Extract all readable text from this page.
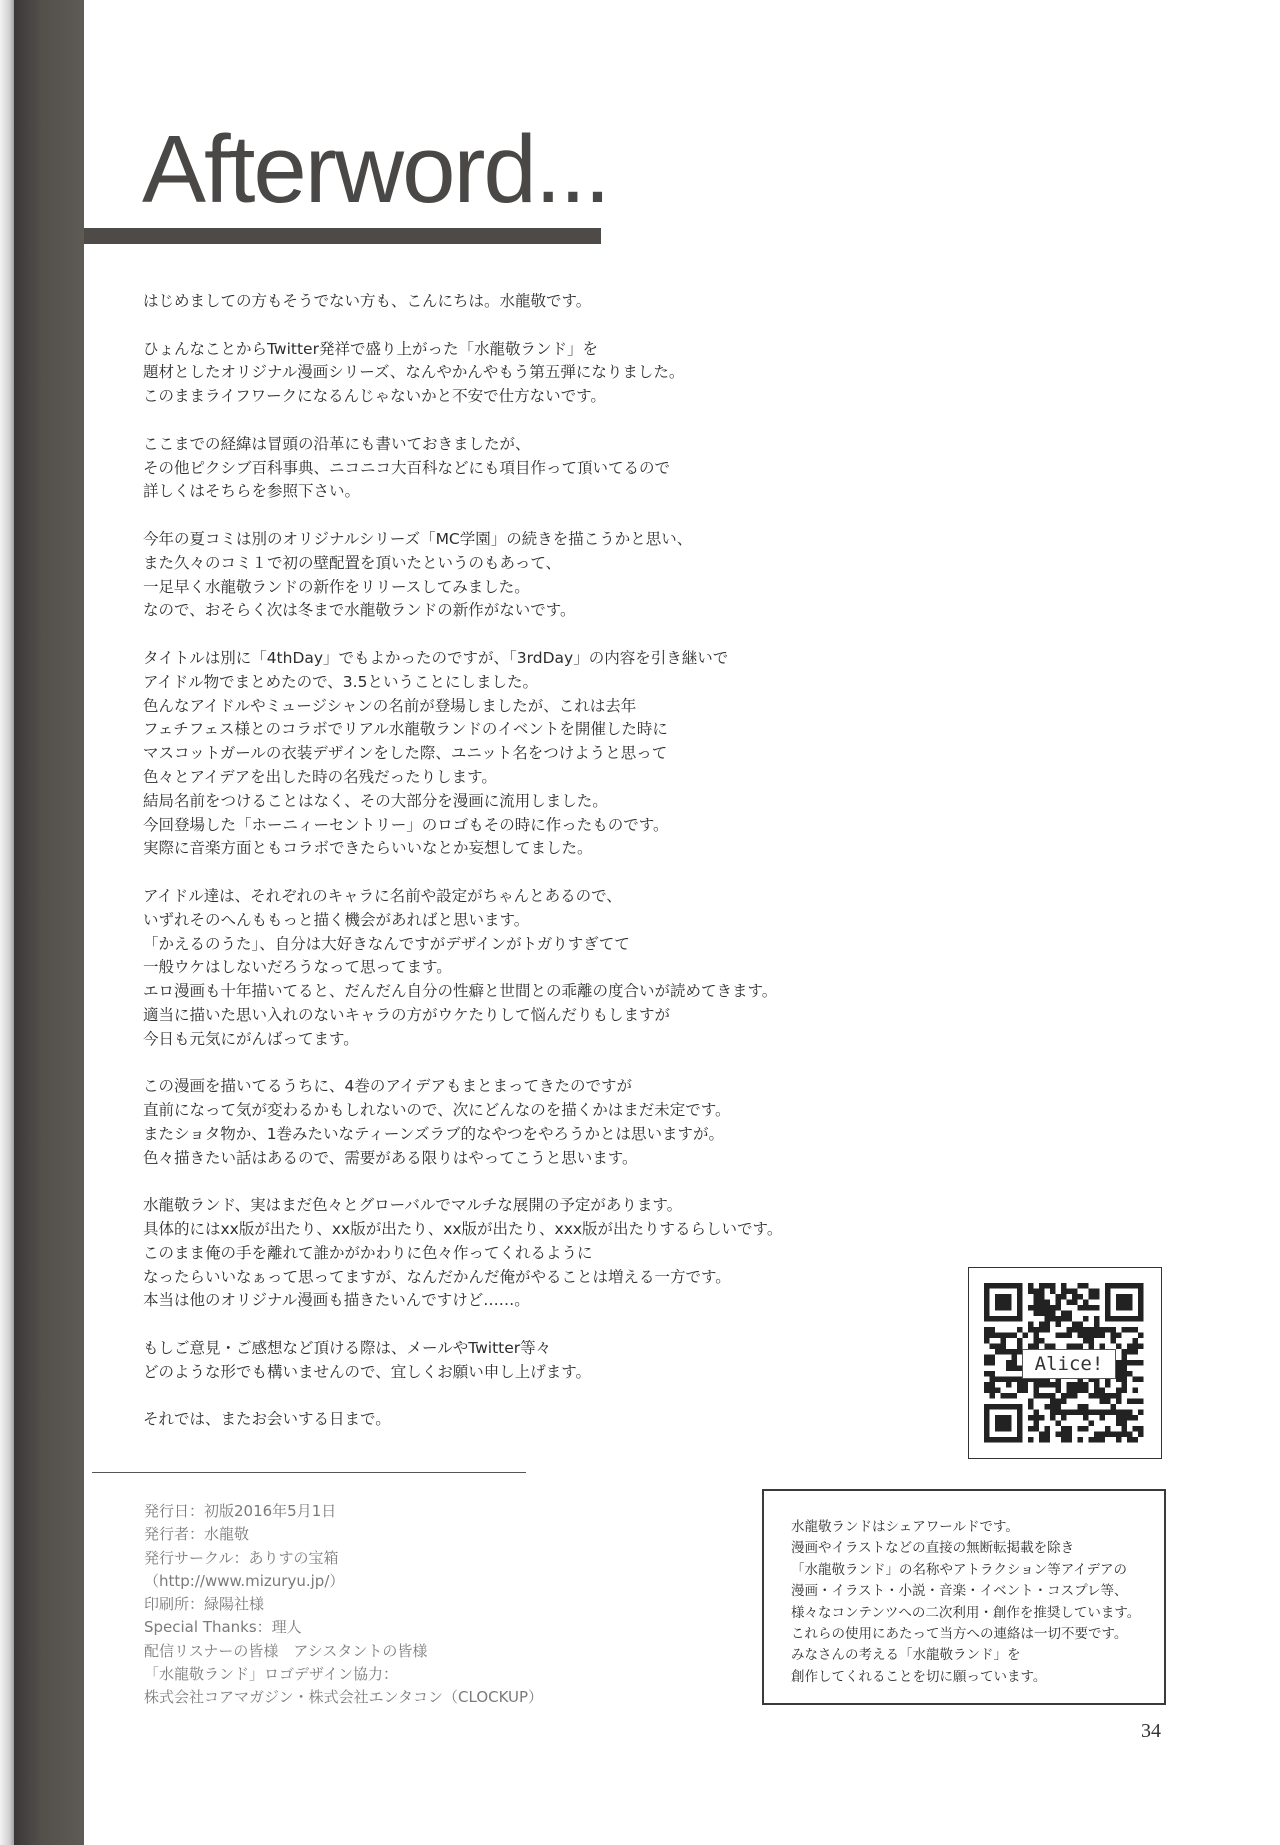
Afterword...

はじめましての方もそうでない方も、こんにちは。水龍敬です。

ひょんなことからTwitter発祥で盛り上がった「水龍敬ランド」を
題材としたオリジナル漫画シリーズ、なんやかんやもう第五弾になりました。
このままライフワークになるんじゃないかと不安で仕方ないです。

ここまでの経緯は冒頭の沿革にも書いておきましたが、
その他ピクシブ百科事典、ニコニコ大百科などにも項目作って頂いてるので
詳しくはそちらを参照下さい。

今年の夏コミは別のオリジナルシリーズ「MC学園」の続きを描こうかと思い、
また久々のコミ１で初の壁配置を頂いたというのもあって、
一足早く水龍敬ランドの新作をリリースしてみました。
なので、おそらく次は冬まで水龍敬ランドの新作がないです。

タイトルは別に「4thDay」でもよかったのですが、「3rdDay」の内容を引き継いで
アイドル物でまとめたので、3.5ということにしました。
色んなアイドルやミュージシャンの名前が登場しましたが、これは去年
フェチフェス様とのコラボでリアル水龍敬ランドのイベントを開催した時に
マスコットガールの衣装デザインをした際、ユニット名をつけようと思って
色々とアイデアを出した時の名残だったりします。
結局名前をつけることはなく、その大部分を漫画に流用しました。
今回登場した「ホーニィーセントリー」のロゴもその時に作ったものです。
実際に音楽方面ともコラボできたらいいなとか妄想してました。

アイドル達は、それぞれのキャラに名前や設定がちゃんとあるので、
いずれそのへんももっと描く機会があればと思います。
「かえるのうた」、自分は大好きなんですがデザインがトガりすぎてて
一般ウケはしないだろうなって思ってます。
エロ漫画も十年描いてると、だんだん自分の性癖と世間との乖離の度合いが読めてきます。
適当に描いた思い入れのないキャラの方がウケたりして悩んだりもしますが
今日も元気にがんばってます。

この漫画を描いてるうちに、4巻のアイデアもまとまってきたのですが
直前になって気が変わるかもしれないので、次にどんなのを描くかはまだ未定です。
またショタ物か、1巻みたいなティーンズラブ的なやつをやろうかとは思いますが。
色々描きたい話はあるので、需要がある限りはやってこうと思います。

水龍敬ランド、実はまだ色々とグローバルでマルチな展開の予定があります。
具体的にはxx版が出たり、xx版が出たり、xx版が出たり、xxx版が出たりするらしいです。
このまま俺の手を離れて誰かがかわりに色々作ってくれるように
なったらいいなぁって思ってますが、なんだかんだ俺がやることは増える一方です。
本当は他のオリジナル漫画も描きたいんですけど……。

もしご意見・ご感想など頂ける際は、メールやTwitter等々
どのような形でも構いませんので、宜しくお願い申し上げます。

それでは、またお会いする日まで。

発行日：初版2016年5月1日
発行者：水龍敬
発行サークル：ありすの宝箱
（http://www.mizuryu.jp/）
印刷所：緑陽社様
Special Thanks：理人
配信リスナーの皆様　アシスタントの皆様
「水龍敬ランド」ロゴデザイン協力：
株式会社コアマガジン・株式会社エンタコン（CLOCKUP）
Alice!
水龍敬ランドはシェアワールドです。
漫画やイラストなどの直接の無断転掲載を除き
「水龍敬ランド」の名称やアトラクション等アイデアの
漫画・イラスト・小説・音楽・イベント・コスプレ等、
様々なコンテンツへの二次利用・創作を推奨しています。
これらの使用にあたって当方への連絡は一切不要です。
みなさんの考える「水龍敬ランド」を
創作してくれることを切に願っています。
34
